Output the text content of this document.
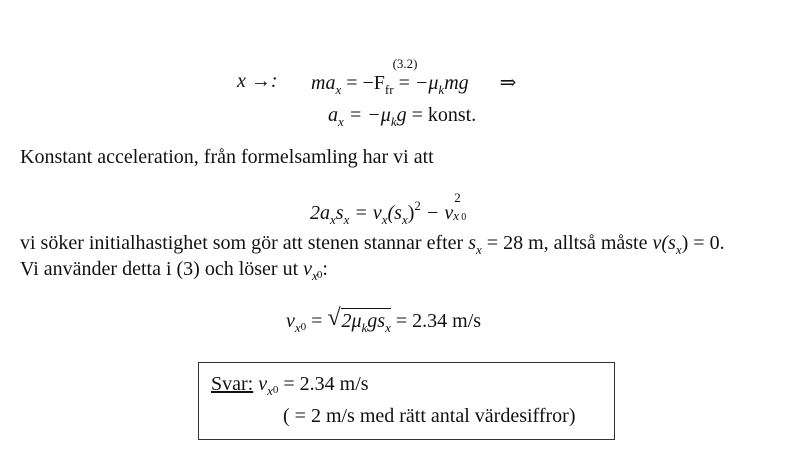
x →: $ma_x = -F_{fr}$
(3.2)
= $-\mu_kmg$ ⇒
$a_x = -\mu_kg$ = konst.
Konstant acceleration, från formelsamling har vi att
$2a_xs_x = v_x(s_x)^2 - v$
2
x 0
vi söker initialhastighet som gör att stenen stannar efter $s_x = 28$ m, alltså måste $v(s_x) = 0$.
Vi använder detta i (3) och löser ut $v_x0$:
$v_x0$ = √ $2\mu_kgs_x = 2.34$ m/s
Svar: $v_x0 = 2.34$ m/s
( = 2 m/s med rätt antal värdesiffror)
